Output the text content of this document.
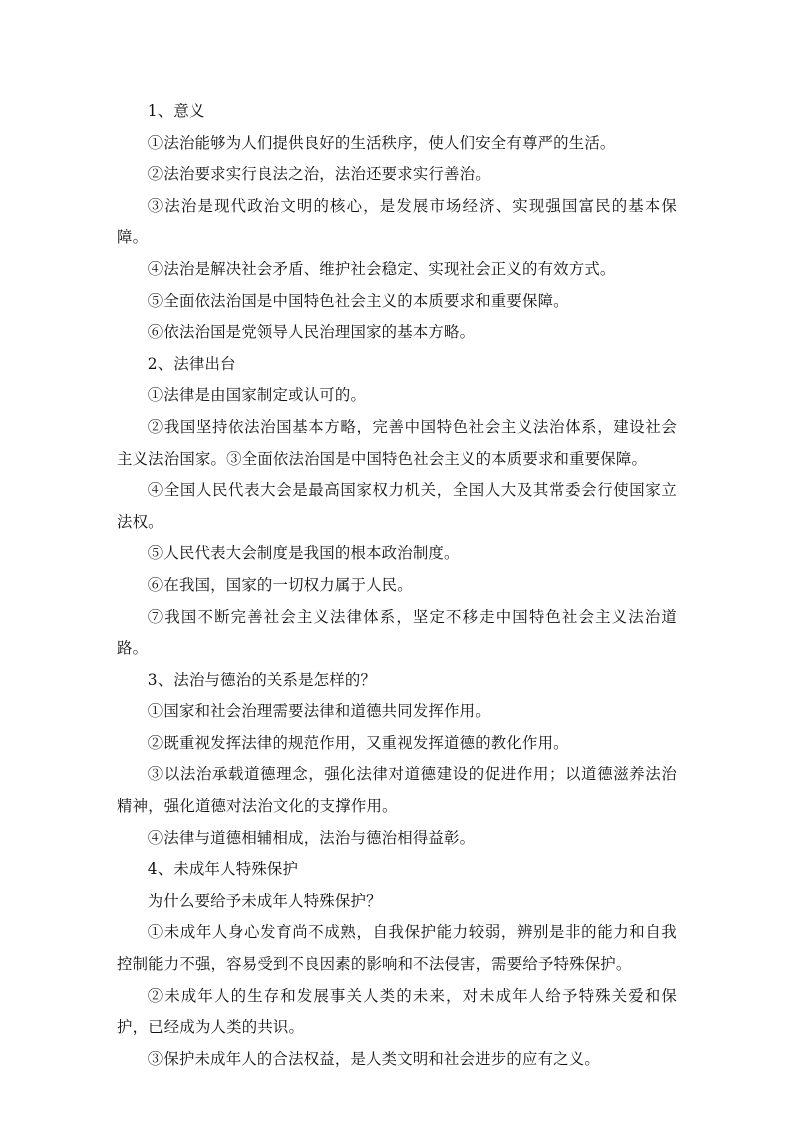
1、意义

①法治能够为人们提供良好的生活秩序，使人们安全有尊严的生活。

②法治要求实行良法之治，法治还要求实行善治。

③法治是现代政治文明的核心，是发展市场经济、实现强国富民的基本保障。

④法治是解决社会矛盾、维护社会稳定、实现社会正义的有效方式。

⑤全面依法治国是中国特色社会主义的本质要求和重要保障。

⑥依法治国是党领导人民治理国家的基本方略。

2、法律出台

①法律是由国家制定或认可的。

②我国坚持依法治国基本方略，完善中国特色社会主义法治体系，建设社会主义法治国家。③全面依法治国是中国特色社会主义的本质要求和重要保障。

④全国人民代表大会是最高国家权力机关，全国人大及其常委会行使国家立法权。

⑤人民代表大会制度是我国的根本政治制度。

⑥在我国，国家的一切权力属于人民。

⑦我国不断完善社会主义法律体系，坚定不移走中国特色社会主义法治道路。

3、法治与德治的关系是怎样的？

①国家和社会治理需要法律和道德共同发挥作用。

②既重视发挥法律的规范作用，又重视发挥道德的教化作用。

③以法治承载道德理念，强化法律对道德建设的促进作用；以道德滋养法治精神，强化道德对法治文化的支撑作用。

④法律与道德相辅相成，法治与德治相得益彰。

4、未成年人特殊保护

为什么要给予未成年人特殊保护？

①未成年人身心发育尚不成熟，自我保护能力较弱，辨别是非的能力和自我控制能力不强，容易受到不良因素的影响和不法侵害，需要给予特殊保护。

②未成年人的生存和发展事关人类的未来，对未成年人给予特殊关爱和保护，已经成为人类的共识。

③保护未成年人的合法权益，是人类文明和社会进步的应有之义。
